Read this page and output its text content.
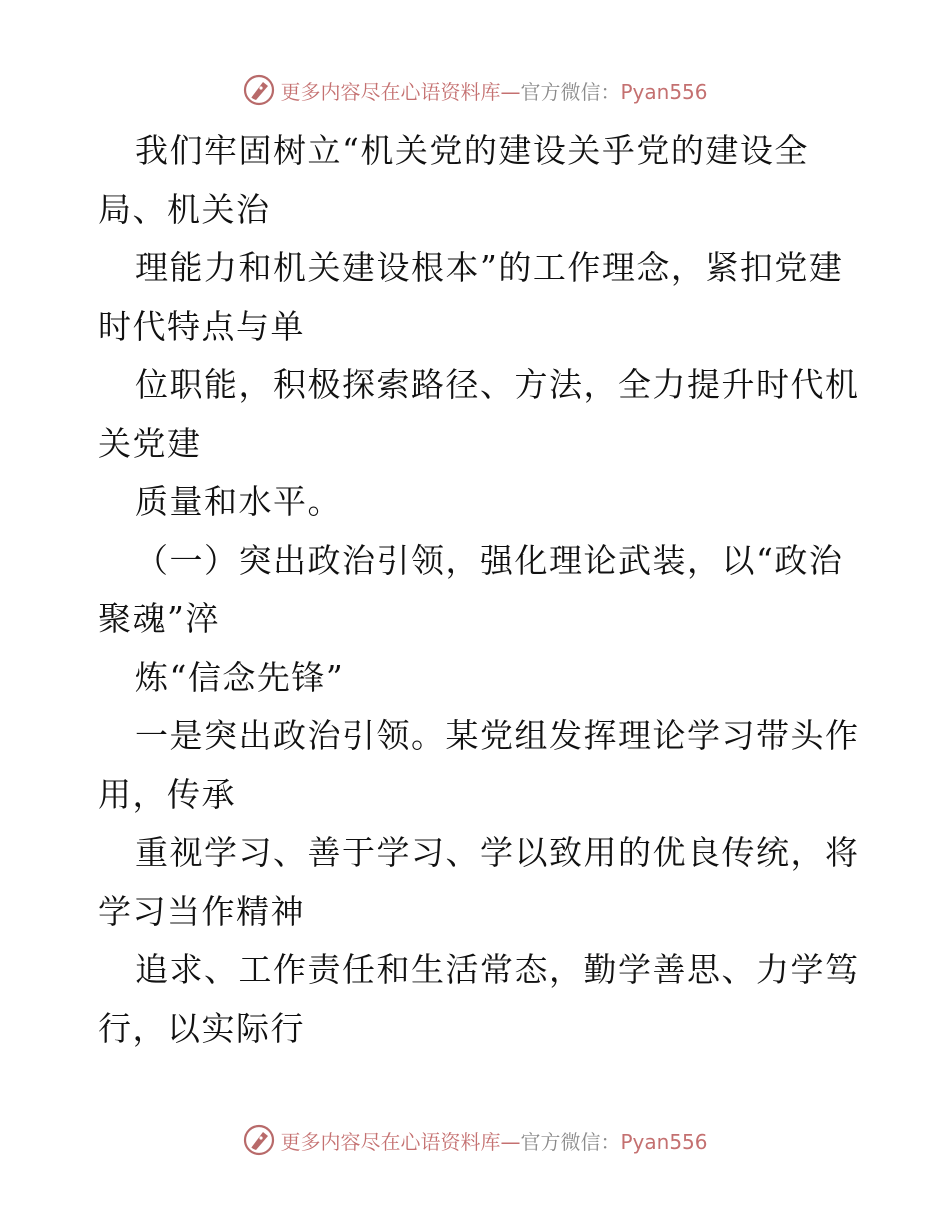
更多内容尽在心语资料库—官方微信：Pyan556

我们牢固树立“机关党的建设关乎党的建设全
局、机关治
理能力和机关建设根本”的工作理念，紧扣党建
时代特点与单
位职能，积极探索路径、方法，全力提升时代机
关党建
质量和水平。

（一）突出政治引领，强化理论武装，以“政治
聚魂”淬
炼“信念先锋”

一是突出政治引领。某党组发挥理论学习带头作
用，传承
重视学习、善于学习、学以致用的优良传统，将
学习当作精神
追求、工作责任和生活常态，勤学善思、力学笃
行，以实际行

更多内容尽在心语资料库—官方微信：Pyan556
